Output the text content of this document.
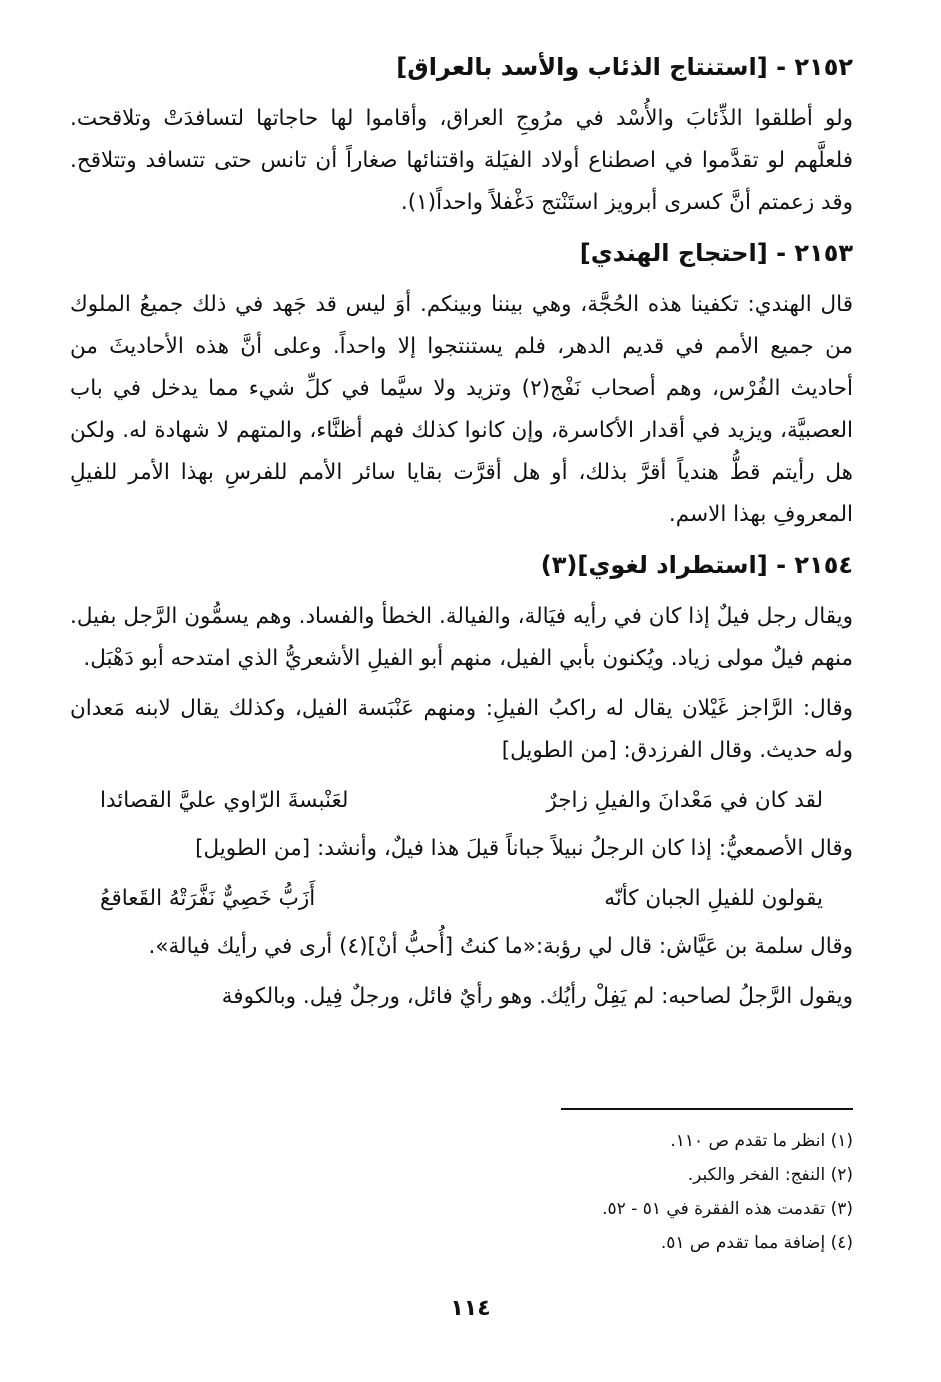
٢١٥٢ - [استنتاج الذئاب والأسد بالعراق]

ولو أطلقوا الذِّئابَ والأُسْد في مرُوجِ العراق، وأقاموا لها حاجاتها لتسافدَتْ وتلاقحت. فلعلَّهم لو تقدَّموا في اصطناع أولاد الفيَلة واقتنائها صغاراً أن تانس حتى تتسافد وتتلاقح. وقد زعمتم أنَّ كسرى أبرويز استَنْتج دَغْفلاً واحداً(١).

٢١٥٣ - [احتجاج الهندي]

قال الهندي: تكفينا هذه الحُجَّة، وهي بيننا وبينكم. أوَ ليس قد جَهد في ذلك جميعُ الملوك من جميع الأمم في قديم الدهر، فلم يستنتجوا إلا واحداً. وعلى أنَّ هذه الأحاديثَ من أحاديث الفُرْس، وهم أصحاب نَفْج(٢) وتزيد ولا سيَّما في كلِّ شيء مما يدخل في باب العصبيَّة، ويزيد في أقدار الأكاسرة، وإن كانوا كذلك فهم أظنَّاء، والمتهم لا شهادة له. ولكن هل رأيتم قطُّ هندياً أقرَّ بذلك، أو هل أقرَّت بقايا سائر الأمم للفرسِ بهذا الأمر للفيلِ المعروفِ بهذا الاسم.

٢١٥٤ - [استطراد لغوي](٣)

ويقال رجل فيلٌ إذا كان في رأيه فيَالة، والفيالة. الخطأ والفساد. وهم يسمُّون الرَّجل بفيل. منهم فيلٌ مولى زياد. ويُكنون بأبي الفيل، منهم أبو الفيلِ الأشعريُّ الذي امتدحه أبو دَهْبَل.

وقال: الرَّاجز غَيْلان يقال له راكبُ الفيلِ: ومنهم عَنْبَسة الفيل، وكذلك يقال لابنه مَعدان وله حديث. وقال الفرزدق: [من الطويل]

لقد كان في مَعْدانَ والفيلِ زاجرٌ
لعَنْبسةَ الرّاوي عليَّ القصائدا

وقال الأصمعيُّ: إذا كان الرجلُ نبيلاً جباناً قيلَ هذا فيلٌ، وأنشد: [من الطويل]

يقولون للفيلِ الجبان كأنّه
أَزَبُّ خَصِيٌّ نَفَّرَتْهُ القَعاقعُ

وقال سلمة بن عَيَّاش: قال لي رؤبة:«ما كنتُ [أُحبُّ أنْ](٤) أرى في رأيك فيالة».

ويقول الرَّجلُ لصاحبه: لم يَفِلْ رأيُك. وهو رأيٌ فائل، ورجلٌ فِيل. وبالكوفة

(١) انظر ما تقدم ص ١١٠.
(٢) النفج: الفخر والكبر.
(٣) تقدمت هذه الفقرة في ٥١ - ٥٢.
(٤) إضافة مما تقدم ص ٥١.
١١٤
